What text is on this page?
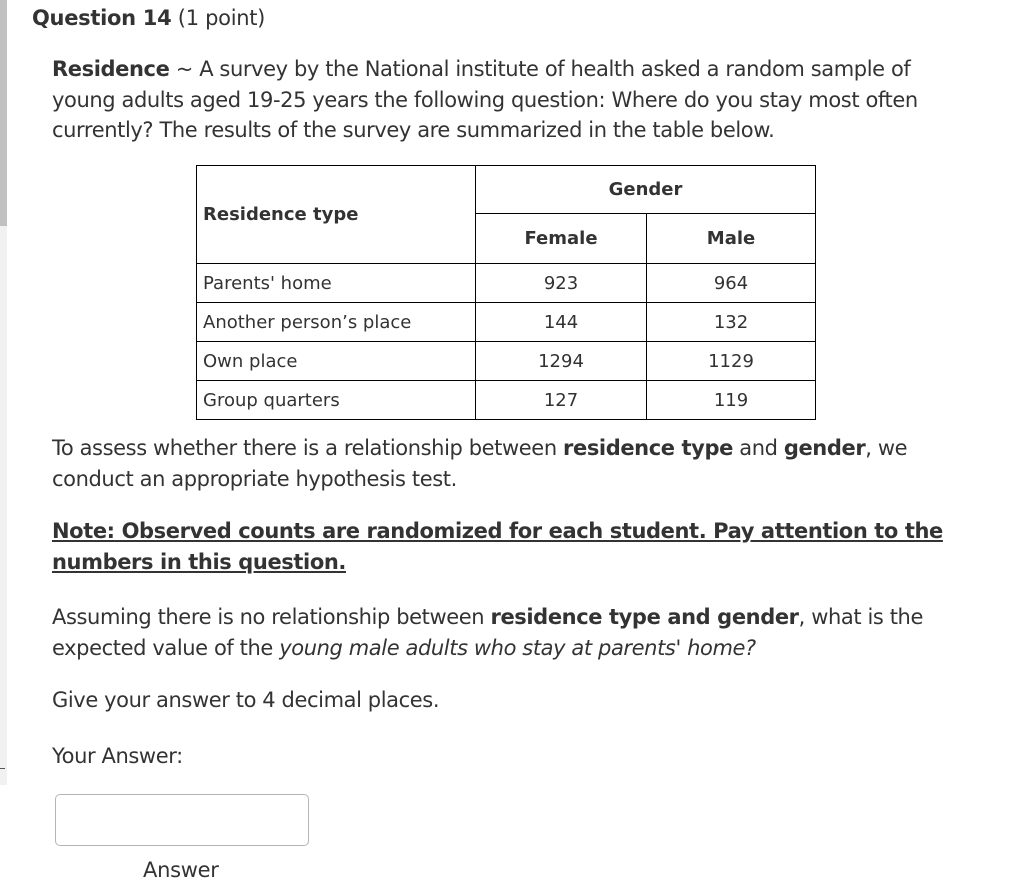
Question 14 (1 point)
Residence ~ A survey by the National institute of health asked a random sample of young adults aged 19-25 years the following question: Where do you stay most often currently? The results of the survey are summarized in the table below.
Residence type	Gender	
	Female	Male
Parents' home	923	964
Another person’s place	144	132
Own place	1294	1129
Group quarters	127	119
To assess whether there is a relationship between residence type and gender, we conduct an appropriate hypothesis test.
Note: Observed counts are randomized for each student. Pay attention to the numbers in this question.
Assuming there is no relationship between residence type and gender, what is the expected value of the young male adults who stay at parents' home?
Give your answer to 4 decimal places.
Your Answer:
Answer
